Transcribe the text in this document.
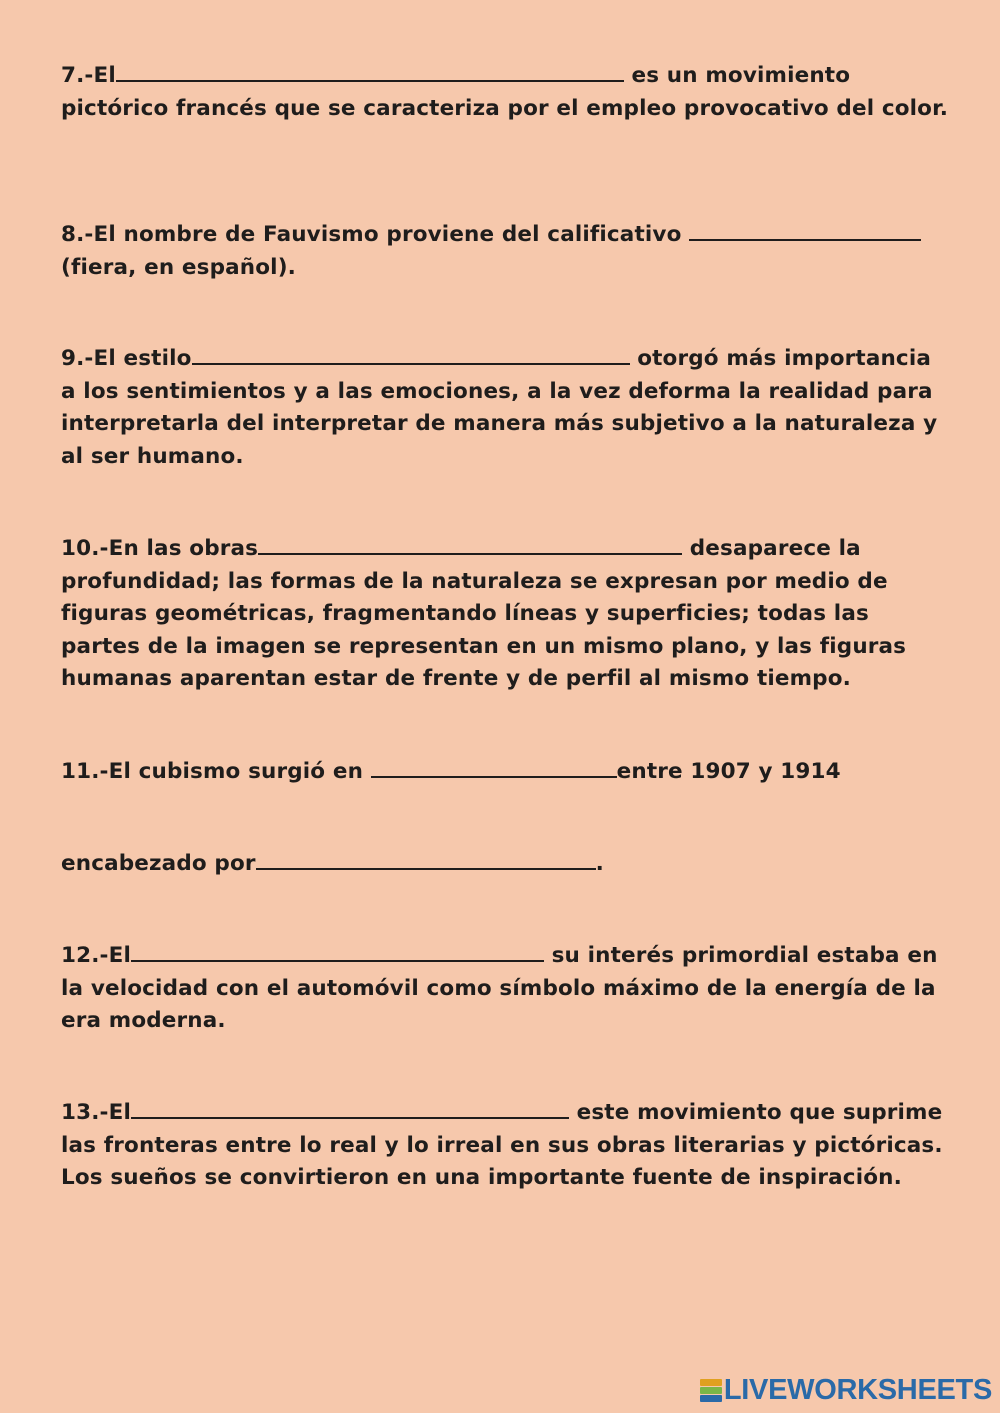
7.-El	es un movimiento pictórico francés que se caracteriza por el empleo provocativo del color.

8.-El nombre de Fauvismo proviene del calificativo
(fiera, en español).

9.-El estilo	otorgó más importancia a los sentimientos y a las emociones, a la vez deforma la realidad para interpretarla del interpretar de manera más subjetivo a la naturaleza y al ser humano.

10.-En las obras	desaparece la profundidad; las formas de la naturaleza se expresan por medio de figuras geométricas, fragmentando líneas y superficies; todas las partes de la imagen se representan en un mismo plano, y las figuras humanas aparentan estar de frente y de perfil al mismo tiempo.

11.-El cubismo surgió en	entre 1907 y 1914

encabezado por	.

12.-El	su interés primordial estaba en la velocidad con el automóvil como símbolo máximo de la energía de la era moderna.

13.-El	este movimiento que suprime las fronteras entre lo real y lo irreal en sus obras literarias y pictóricas. Los sueños se convirtieron en una importante fuente de inspiración.

LIVEWORKSHEETS
